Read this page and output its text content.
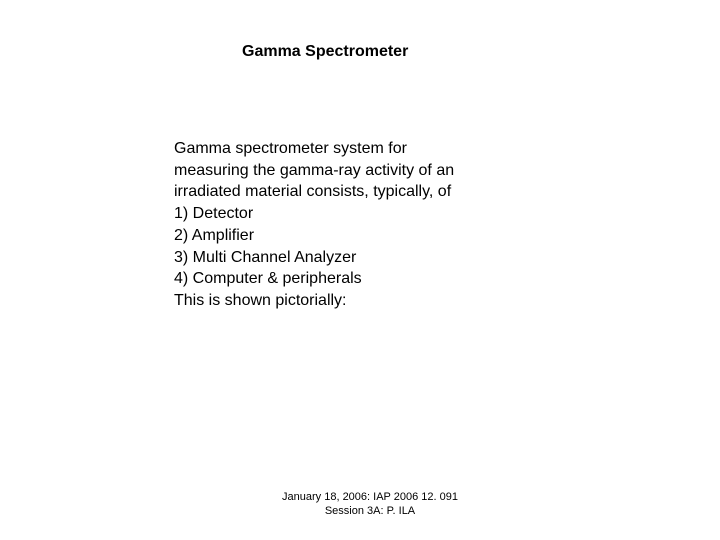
Gamma Spectrometer
Gamma spectrometer system for
measuring the gamma-ray activity of an
irradiated material consists, typically, of
1) Detector
2) Amplifier
3) Multi Channel Analyzer
4) Computer & peripherals
This is shown pictorially:
January 18, 2006: IAP 2006 12. 091
Session 3A: P. ILA
